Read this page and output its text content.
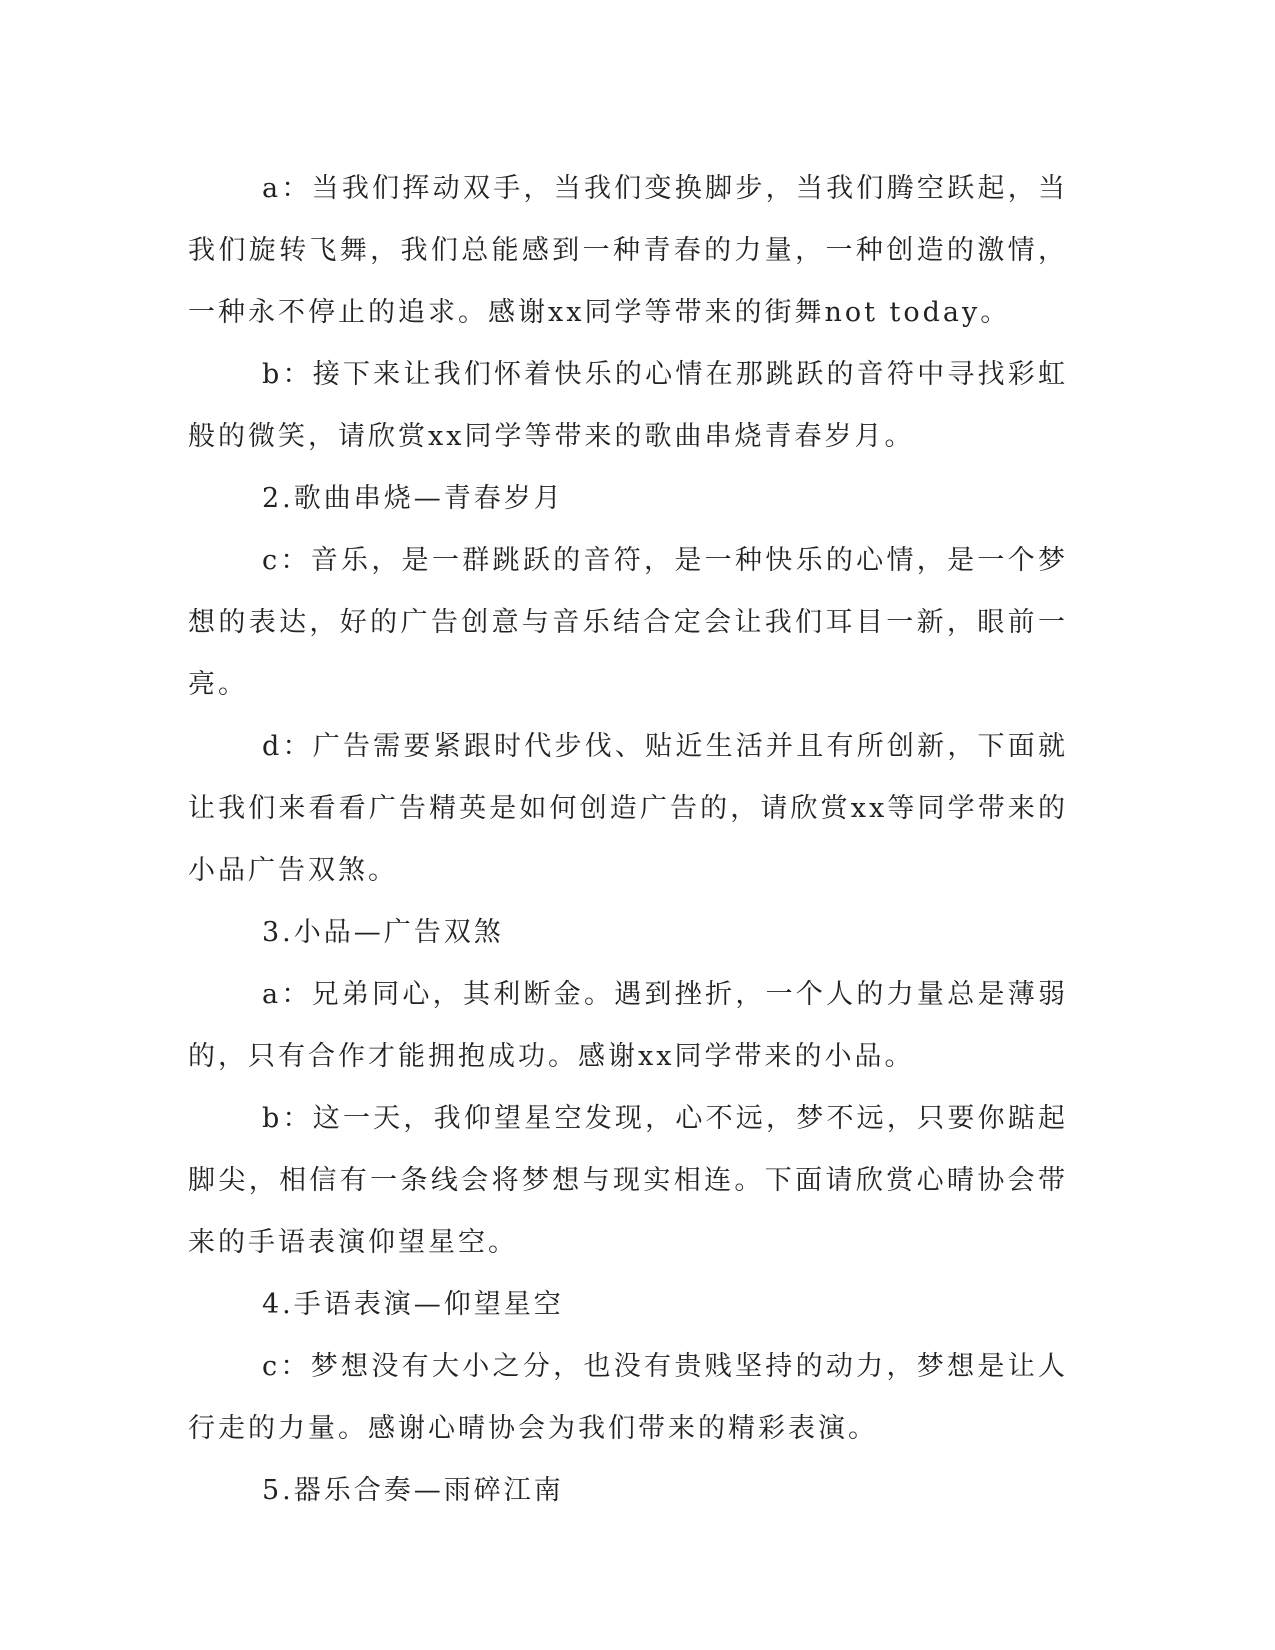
a：当我们挥动双手，当我们变换脚步，当我们腾空跃起，当我们旋转飞舞，我们总能感到一种青春的力量，一种创造的激情，一种永不停止的追求。感谢xx同学等带来的街舞not today。

b：接下来让我们怀着快乐的心情在那跳跃的音符中寻找彩虹般的微笑，请欣赏xx同学等带来的歌曲串烧青春岁月。

2.歌曲串烧—青春岁月

c：音乐，是一群跳跃的音符，是一种快乐的心情，是一个梦想的表达，好的广告创意与音乐结合定会让我们耳目一新，眼前一亮。

d：广告需要紧跟时代步伐、贴近生活并且有所创新，下面就让我们来看看广告精英是如何创造广告的，请欣赏xx等同学带来的小品广告双煞。

3.小品—广告双煞

a：兄弟同心，其利断金。遇到挫折，一个人的力量总是薄弱的，只有合作才能拥抱成功。感谢xx同学带来的小品。

b：这一天，我仰望星空发现，心不远，梦不远，只要你踮起脚尖，相信有一条线会将梦想与现实相连。下面请欣赏心晴协会带来的手语表演仰望星空。

4.手语表演—仰望星空

c：梦想没有大小之分，也没有贵贱坚持的动力，梦想是让人行走的力量。感谢心晴协会为我们带来的精彩表演。

5.器乐合奏—雨碎江南
